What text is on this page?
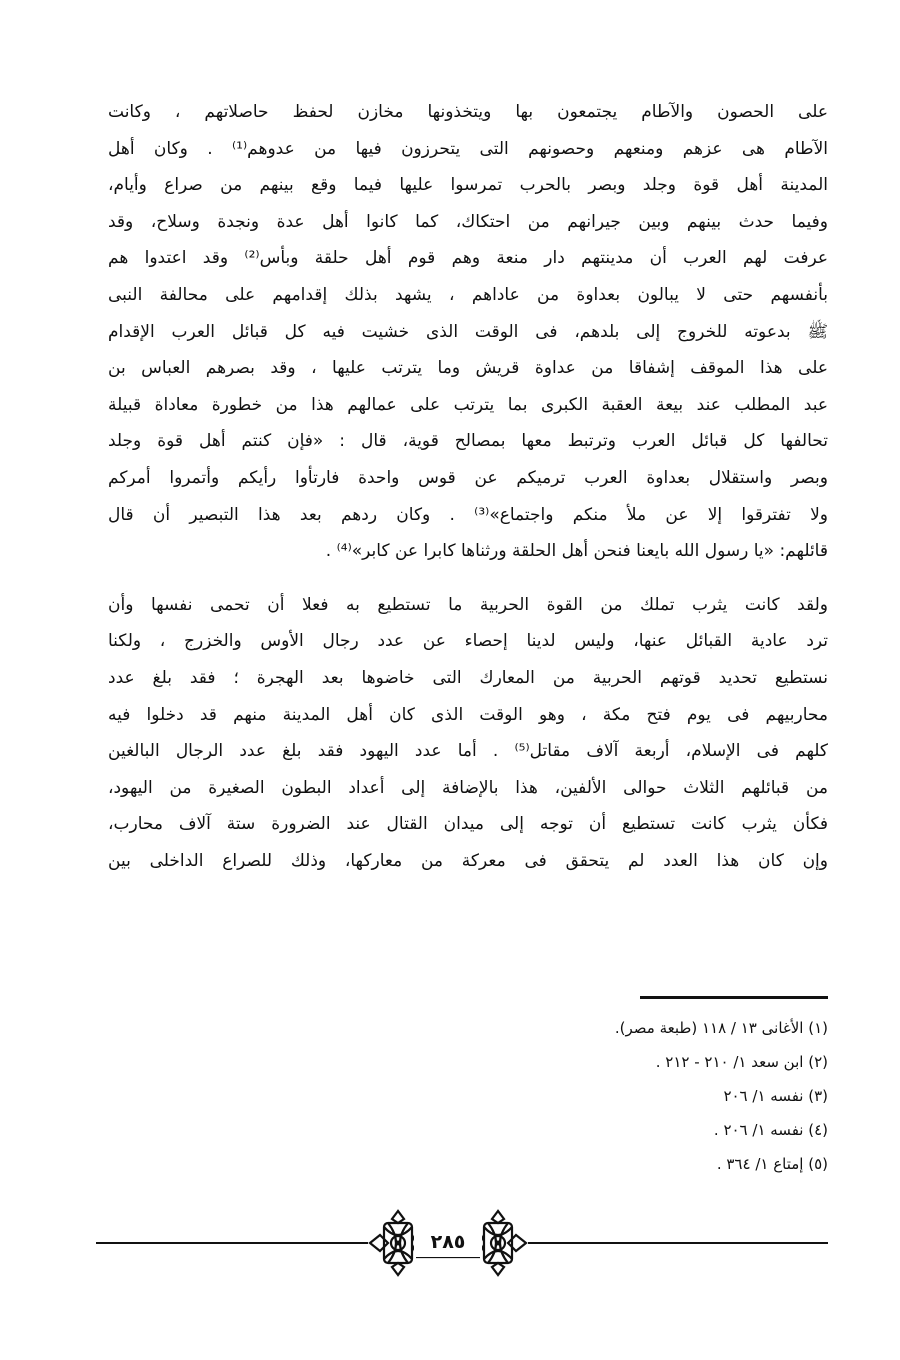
على الحصون والآطام يجتمعون بها ويتخذونها مخازن لحفظ حاصلاتهم ، وكانت
الآطام هى عزهم ومنعهم وحصونهم التى يتحرزون فيها من عدوهم⁽¹⁾ . وكان أهل
المدينة أهل قوة وجلد وبصر بالحرب تمرسوا عليها فيما وقع بينهم من صراع وأيام،
وفيما حدث بينهم وبين جيرانهم من احتكاك، كما كانوا أهل عدة ونجدة وسلاح، وقد
عرفت لهم العرب أن مدينتهم دار منعة وهم قوم أهل حلقة وبأس⁽²⁾ وقد اعتدوا هم
بأنفسهم حتى لا يبالون بعداوة من عاداهم ، يشهد بذلك إقدامهم على محالفة النبى
ﷺ بدعوته للخروج إلى بلدهم، فى الوقت الذى خشيت فيه كل قبائل العرب الإقدام
على هذا الموقف إشفاقا من عداوة قريش وما يترتب عليها ، وقد بصرهم العباس بن
عبد المطلب عند بيعة العقبة الكبرى بما يترتب على عمالهم هذا من خطورة معاداة قبيلة
تحالفها كل قبائل العرب وترتبط معها بمصالح قوية، قال : «فإن كنتم أهل قوة وجلد
وبصر واستقلال بعداوة العرب ترميكم عن قوس واحدة فارتأوا رأيكم وأتمروا أمركم
ولا تفترقوا إلا عن ملأ منكم واجتماع»⁽³⁾ . وكان ردهم بعد هذا التبصير أن قال
قائلهم: «يا رسول الله بايعنا فنحن أهل الحلقة ورثناها كابرا عن كابر»⁽⁴⁾ .
ولقد كانت يثرب تملك من القوة الحربية ما تستطيع به فعلا أن تحمى نفسها وأن
ترد عادية القبائل عنها، وليس لدينا إحصاء عن عدد رجال الأوس والخزرج ، ولكنا
نستطيع تحديد قوتهم الحربية من المعارك التى خاضوها بعد الهجرة ؛ فقد بلغ عدد
محاربيهم فى يوم فتح مكة ، وهو الوقت الذى كان أهل المدينة منهم قد دخلوا فيه
كلهم فى الإسلام، أربعة آلاف مقاتل⁽⁵⁾ . أما عدد اليهود فقد بلغ عدد الرجال البالغين
من قبائلهم الثلاث حوالى الألفين، هذا بالإضافة إلى أعداد البطون الصغيرة من اليهود،
فكأن يثرب كانت تستطيع أن توجه إلى ميدان القتال عند الضرورة ستة آلاف محارب،
وإن كان هذا العدد لم يتحقق فى معركة من معاركها، وذلك للصراع الداخلى بين
(١) الأغانى ١٣ / ١١٨ (طبعة مصر).
(٢) ابن سعد ١/ ٢١٠ - ٢١٢ .
(٣) نفسه ١/ ٢٠٦
(٤) نفسه ١/ ٢٠٦ .
(٥) إمتاع ١/ ٣٦٤ .
٢٨٥
